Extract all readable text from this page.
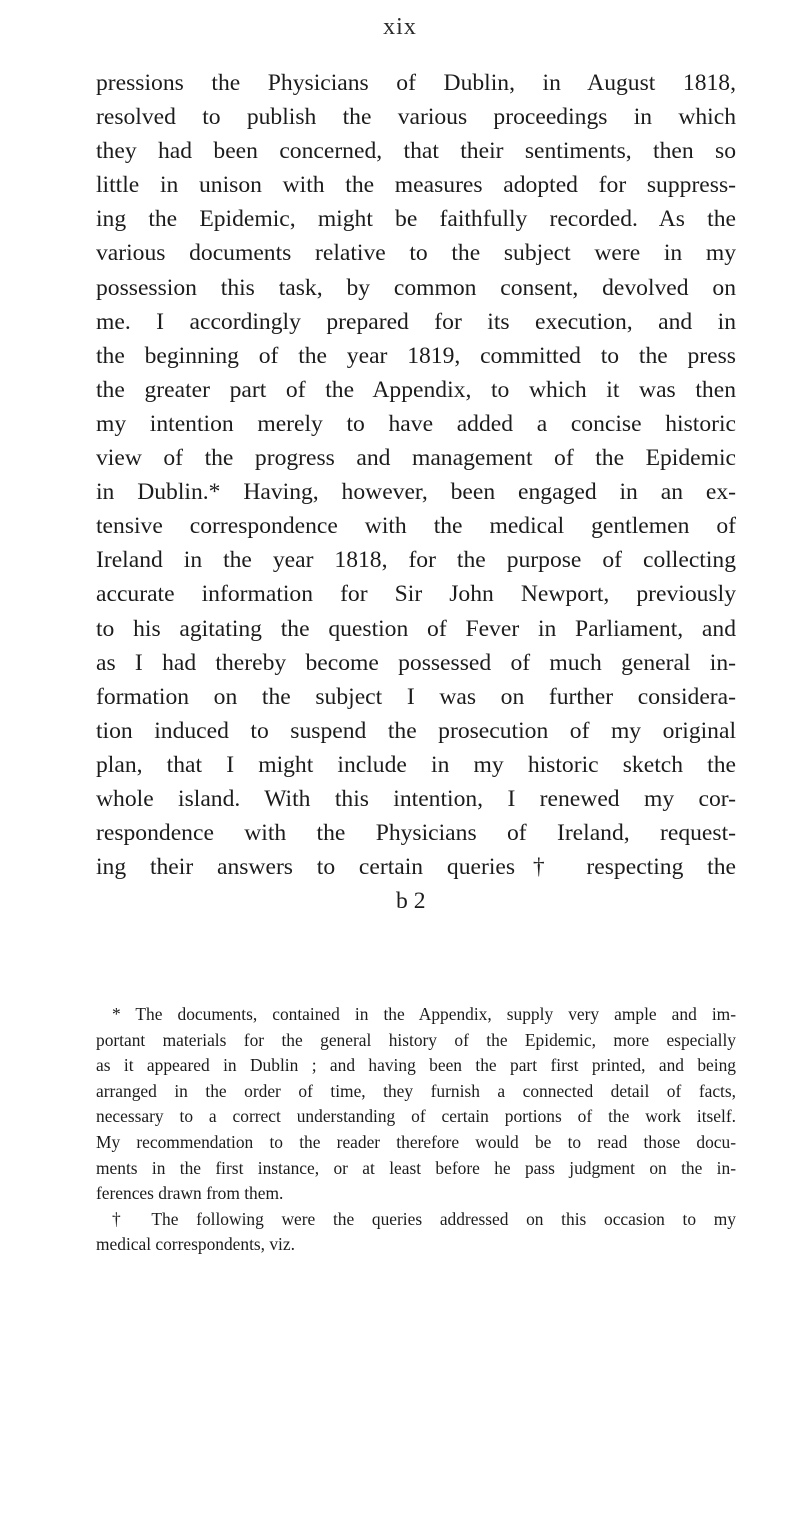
xix
pressions the Physicians of Dublin, in August 1818,
resolved to publish the various proceedings in which
they had been concerned, that their sentiments, then so
little in unison with the measures adopted for suppress-
ing the Epidemic, might be faithfully recorded. As the
various documents relative to the subject were in my
possession this task, by common consent, devolved on
me. I accordingly prepared for its execution, and in
the beginning of the year 1819, committed to the press
the greater part of the Appendix, to which it was then
my intention merely to have added a concise historic
view of the progress and management of the Epidemic
in Dublin.* Having, however, been engaged in an ex-
tensive correspondence with the medical gentlemen of
Ireland in the year 1818, for the purpose of collecting
accurate information for Sir John Newport, previously
to his agitating the question of Fever in Parliament, and
as I had thereby become possessed of much general in-
formation on the subject I was on further considera-
tion induced to suspend the prosecution of my original
plan, that I might include in my historic sketch the
whole island. With this intention, I renewed my cor-
respondence with the Physicians of Ireland, request-
ing their answers to certain queries† respecting the
b 2
* The documents, contained in the Appendix, supply very ample and im-
portant materials for the general history of the Epidemic, more especially
as it appeared in Dublin ; and having been the part first printed, and being
arranged in the order of time, they furnish a connected detail of facts,
necessary to a correct understanding of certain portions of the work itself.
My recommendation to the reader therefore would be to read those docu-
ments in the first instance, or at least before he pass judgment on the in-
ferences drawn from them.
† The following were the queries addressed on this occasion to my
medical correspondents, viz.
